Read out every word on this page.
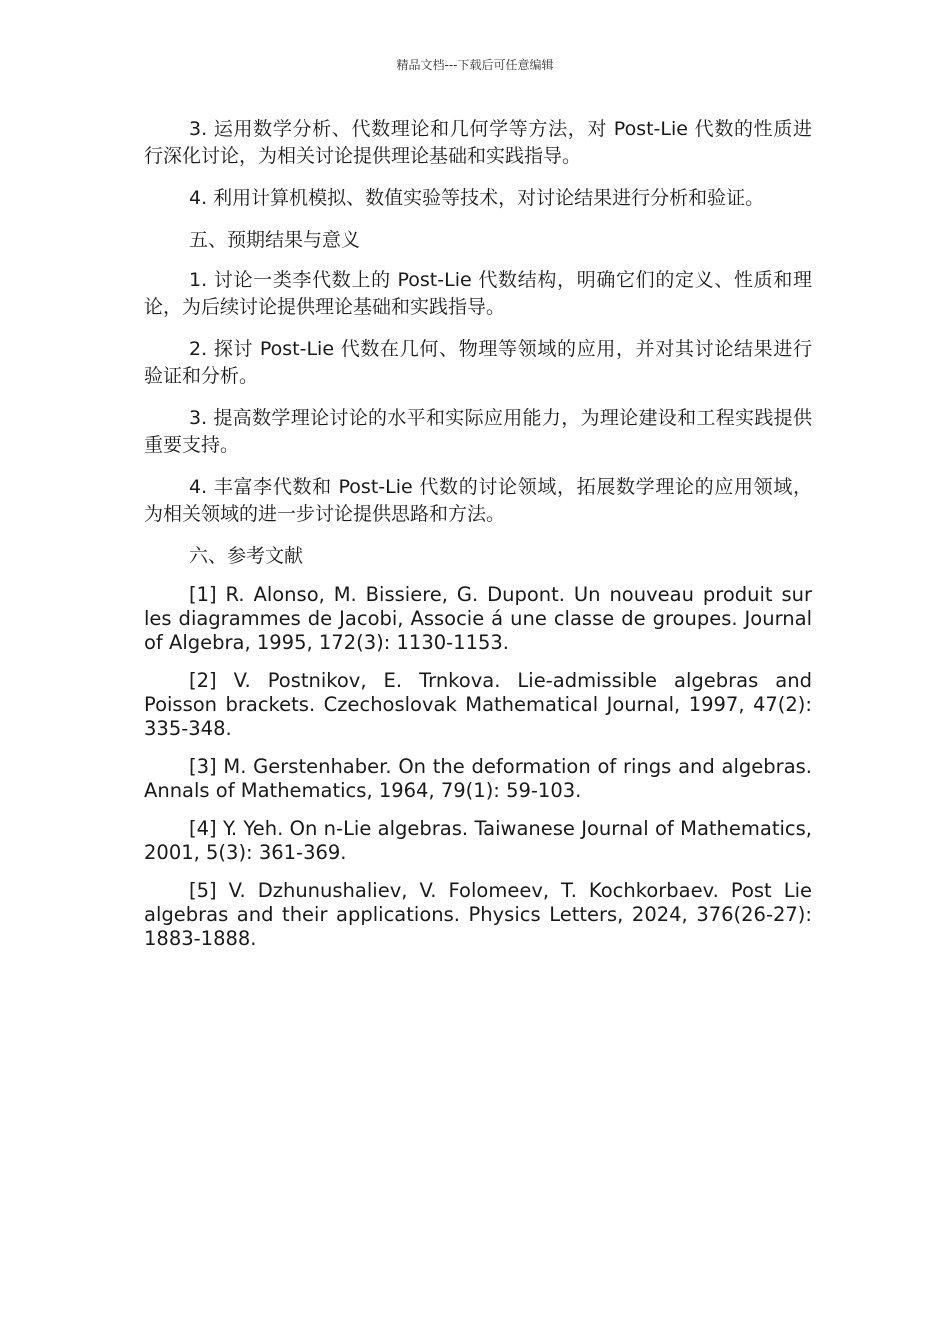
精品文档---下载后可任意编辑

3. 运用数学分析、代数理论和几何学等方法，对 Post-Lie 代数的性质进行深化讨论，为相关讨论提供理论基础和实践指导。

4. 利用计算机模拟、数值实验等技术，对讨论结果进行分析和验证。

五、预期结果与意义

1. 讨论一类李代数上的 Post-Lie 代数结构，明确它们的定义、性质和理论，为后续讨论提供理论基础和实践指导。

2. 探讨 Post-Lie 代数在几何、物理等领域的应用，并对其讨论结果进行验证和分析。

3. 提高数学理论讨论的水平和实际应用能力，为理论建设和工程实践提供重要支持。

4. 丰富李代数和 Post-Lie 代数的讨论领域，拓展数学理论的应用领域，为相关领域的进一步讨论提供思路和方法。

六、参考文献

[1] R. Alonso, M. Bissiere, G. Dupont. Un nouveau produit sur les diagrammes de Jacobi, Associe á une classe de groupes. Journal of Algebra, 1995, 172(3): 1130-1153.

[2] V. Postnikov, E. Trnkova. Lie-admissible algebras and Poisson brackets. Czechoslovak Mathematical Journal, 1997, 47(2): 335-348.

[3] M. Gerstenhaber. On the deformation of rings and algebras. Annals of Mathematics, 1964, 79(1): 59-103.

[4] Y. Yeh. On n-Lie algebras. Taiwanese Journal of Mathematics, 2001, 5(3): 361-369.

[5] V. Dzhunushaliev, V. Folomeev, T. Kochkorbaev. Post Lie algebras and their applications. Physics Letters, 2024, 376(26-27): 1883-1888.
